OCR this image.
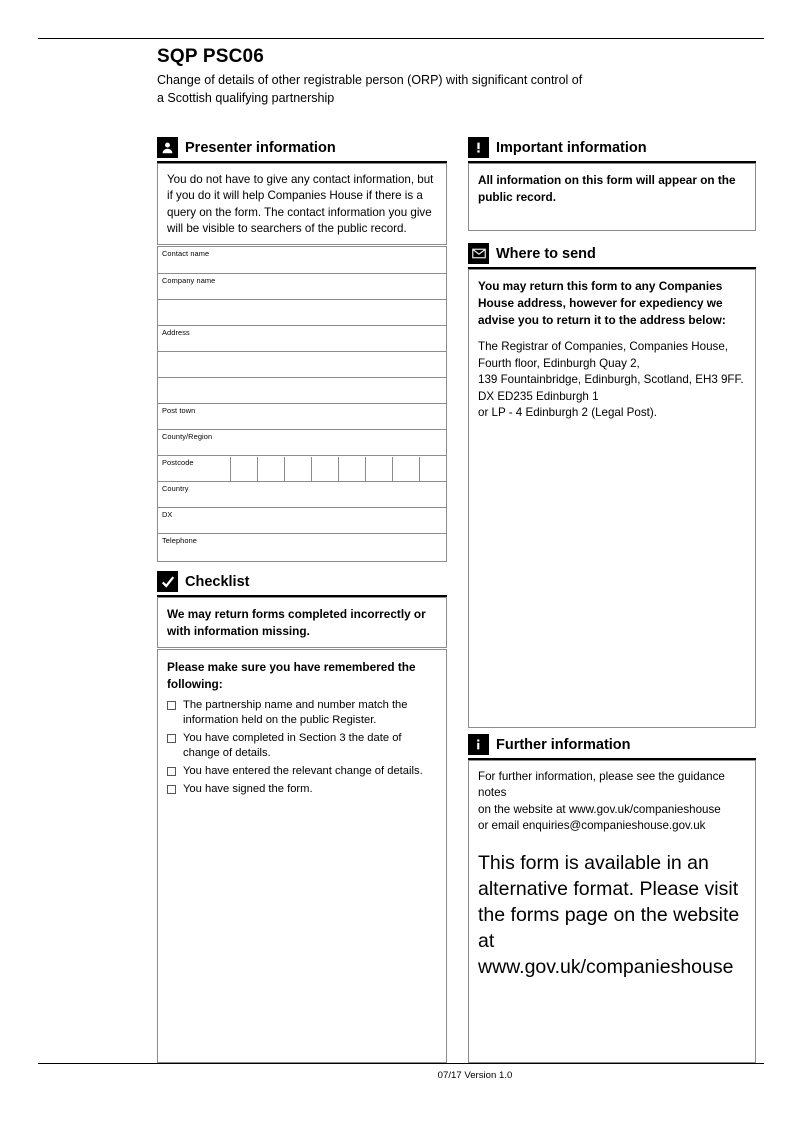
SQP PSC06
Change of details of other registrable person (ORP) with significant control of
a Scottish qualifying partnership
Presenter information
You do not have to give any contact information, but if you do it will help Companies House if there is a query on the form. The contact information you give will be visible to searchers of the public record.
Contact name
Company name
Address
Post town
County/Region
Postcode
Country
DX
Telephone
Checklist
We may return forms completed incorrectly or
with information missing.
Please make sure you have remembered the
following:
The partnership name and number match the information held on the public Register.
You have completed in Section 3 the date of change of details.
You have entered the relevant change of details.
You have signed the form.
Important information
All information on this form will appear on the
public record.
Where to send
You may return this form to any Companies House address, however for expediency we advise you to return it to the address below:
The Registrar of Companies, Companies House,
Fourth floor, Edinburgh Quay 2,
139 Fountainbridge, Edinburgh, Scotland, EH3 9FF.
DX ED235 Edinburgh 1
or LP - 4 Edinburgh 2 (Legal Post).
Further information
For further information, please see the guidance notes
on the website at www.gov.uk/companieshouse
or email enquiries@companieshouse.gov.uk
This form is available in an alternative format. Please visit the forms page on the website at www.gov.uk/companieshouse
07/17 Version 1.0
